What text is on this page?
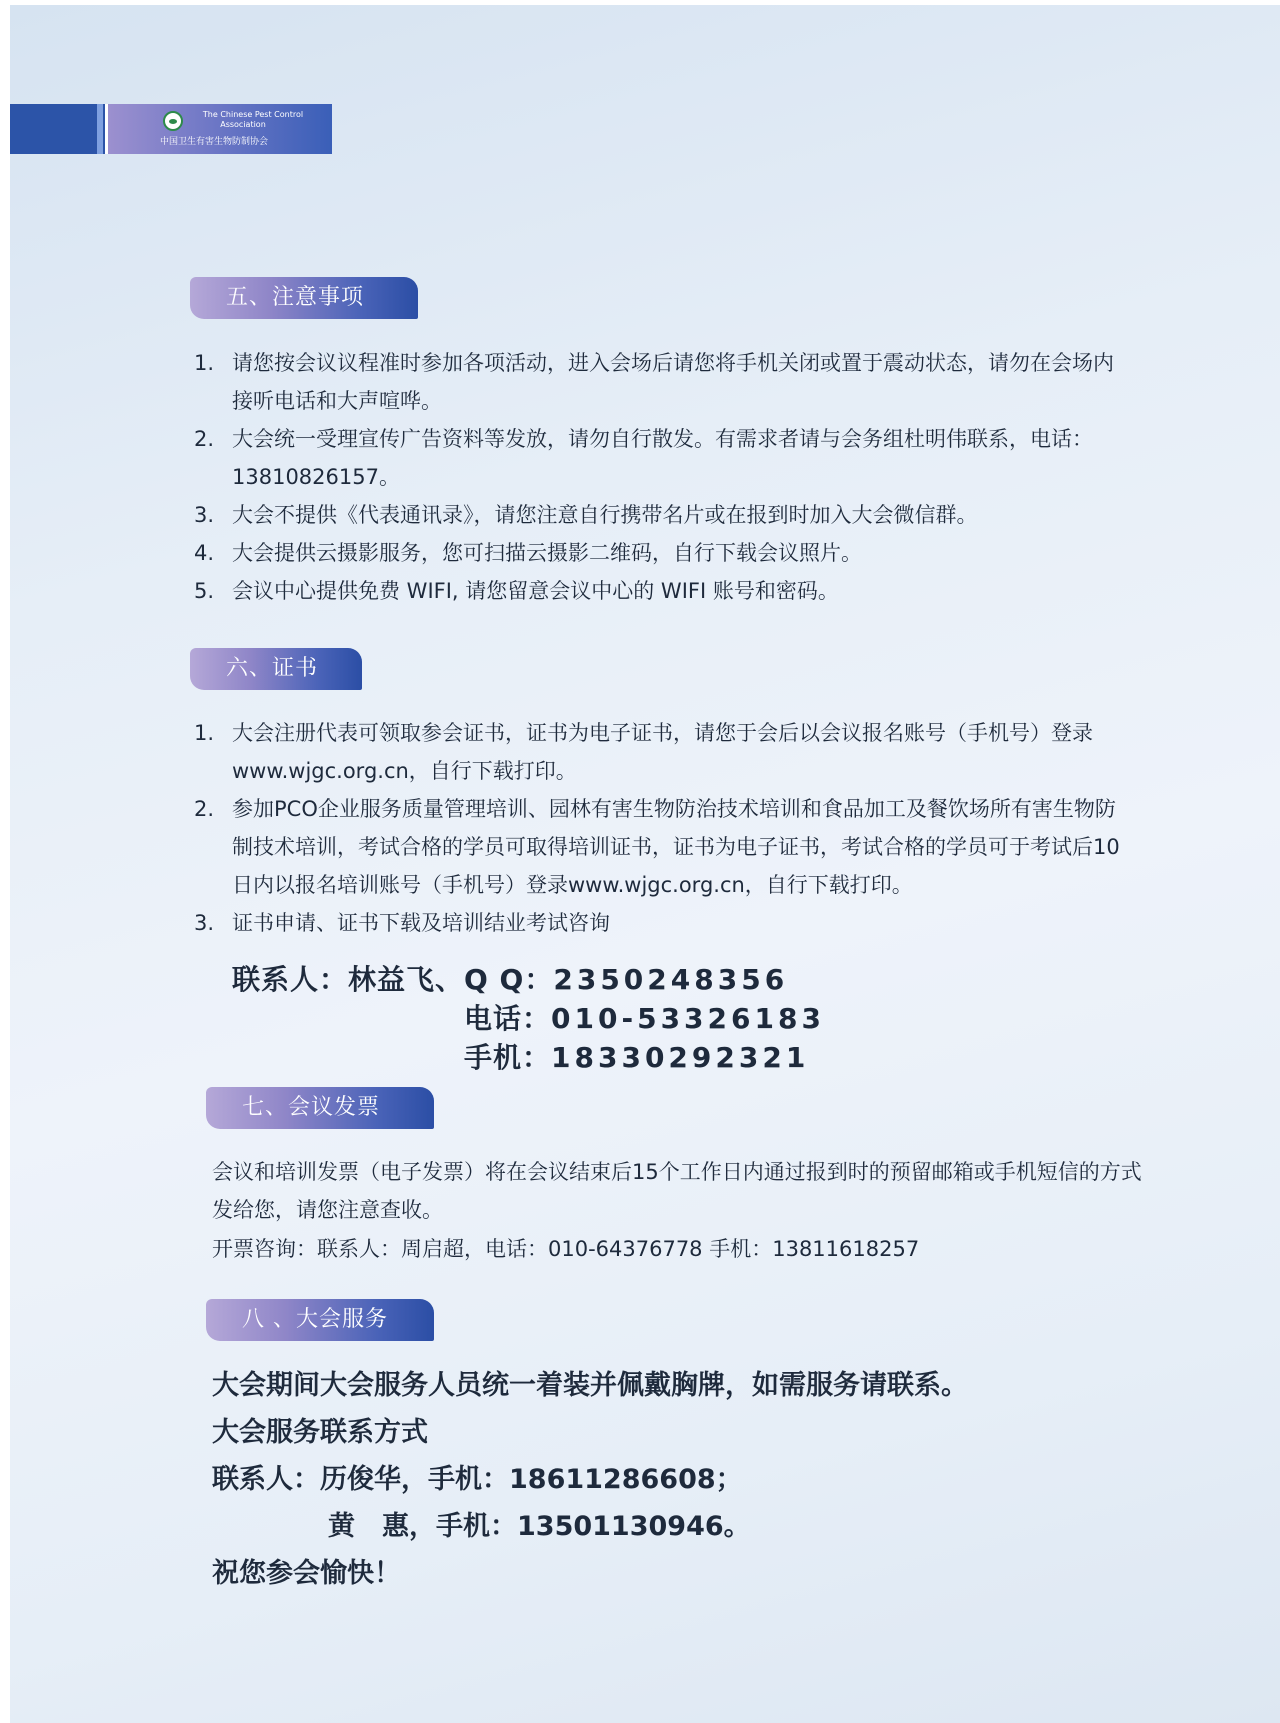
The Chinese Pest Control
Association
中国卫生有害生物防制协会
五、注意事项
1. 请您按会议议程准时参加各项活动，进入会场后请您将手机关闭或置于震动状态，请勿在会场内接听电话和大声喧哗。
2. 大会统一受理宣传广告资料等发放，请勿自行散发。有需求者请与会务组杜明伟联系，电话：13810826157。
3. 大会不提供《代表通讯录》，请您注意自行携带名片或在报到时加入大会微信群。
4. 大会提供云摄影服务，您可扫描云摄影二维码，自行下载会议照片。
5. 会议中心提供免费 WIFI, 请您留意会议中心的 WIFI 账号和密码。
六、证书
1. 大会注册代表可领取参会证书，证书为电子证书，请您于会后以会议报名账号（手机号）登录www.wjgc.org.cn，自行下载打印。
2. 参加PCO企业服务质量管理培训、园林有害生物防治技术培训和食品加工及餐饮场所有害生物防制技术培训，考试合格的学员可取得培训证书，证书为电子证书，考试合格的学员可于考试后10日内以报名培训账号（手机号）登录www.wjgc.org.cn，自行下载打印。
3. 证书申请、证书下载及培训结业考试咨询
联系人：林益飞、Q Q：2350248356
电话：010-53326183
手机：18330292321
七、会议发票

会议和培训发票（电子发票）将在会议结束后15个工作日内通过报到时的预留邮箱或手机短信的方式发给您，请您注意查收。

开票咨询：联系人：周启超，电话：010-64376778 手机：13811618257

八 、大会服务
大会期间大会服务人员统一着装并佩戴胸牌，如需服务请联系。
大会服务联系方式
联系人：历俊华，手机：18611286608；
黄　惠，手机：13501130946。
祝您参会愉快！
